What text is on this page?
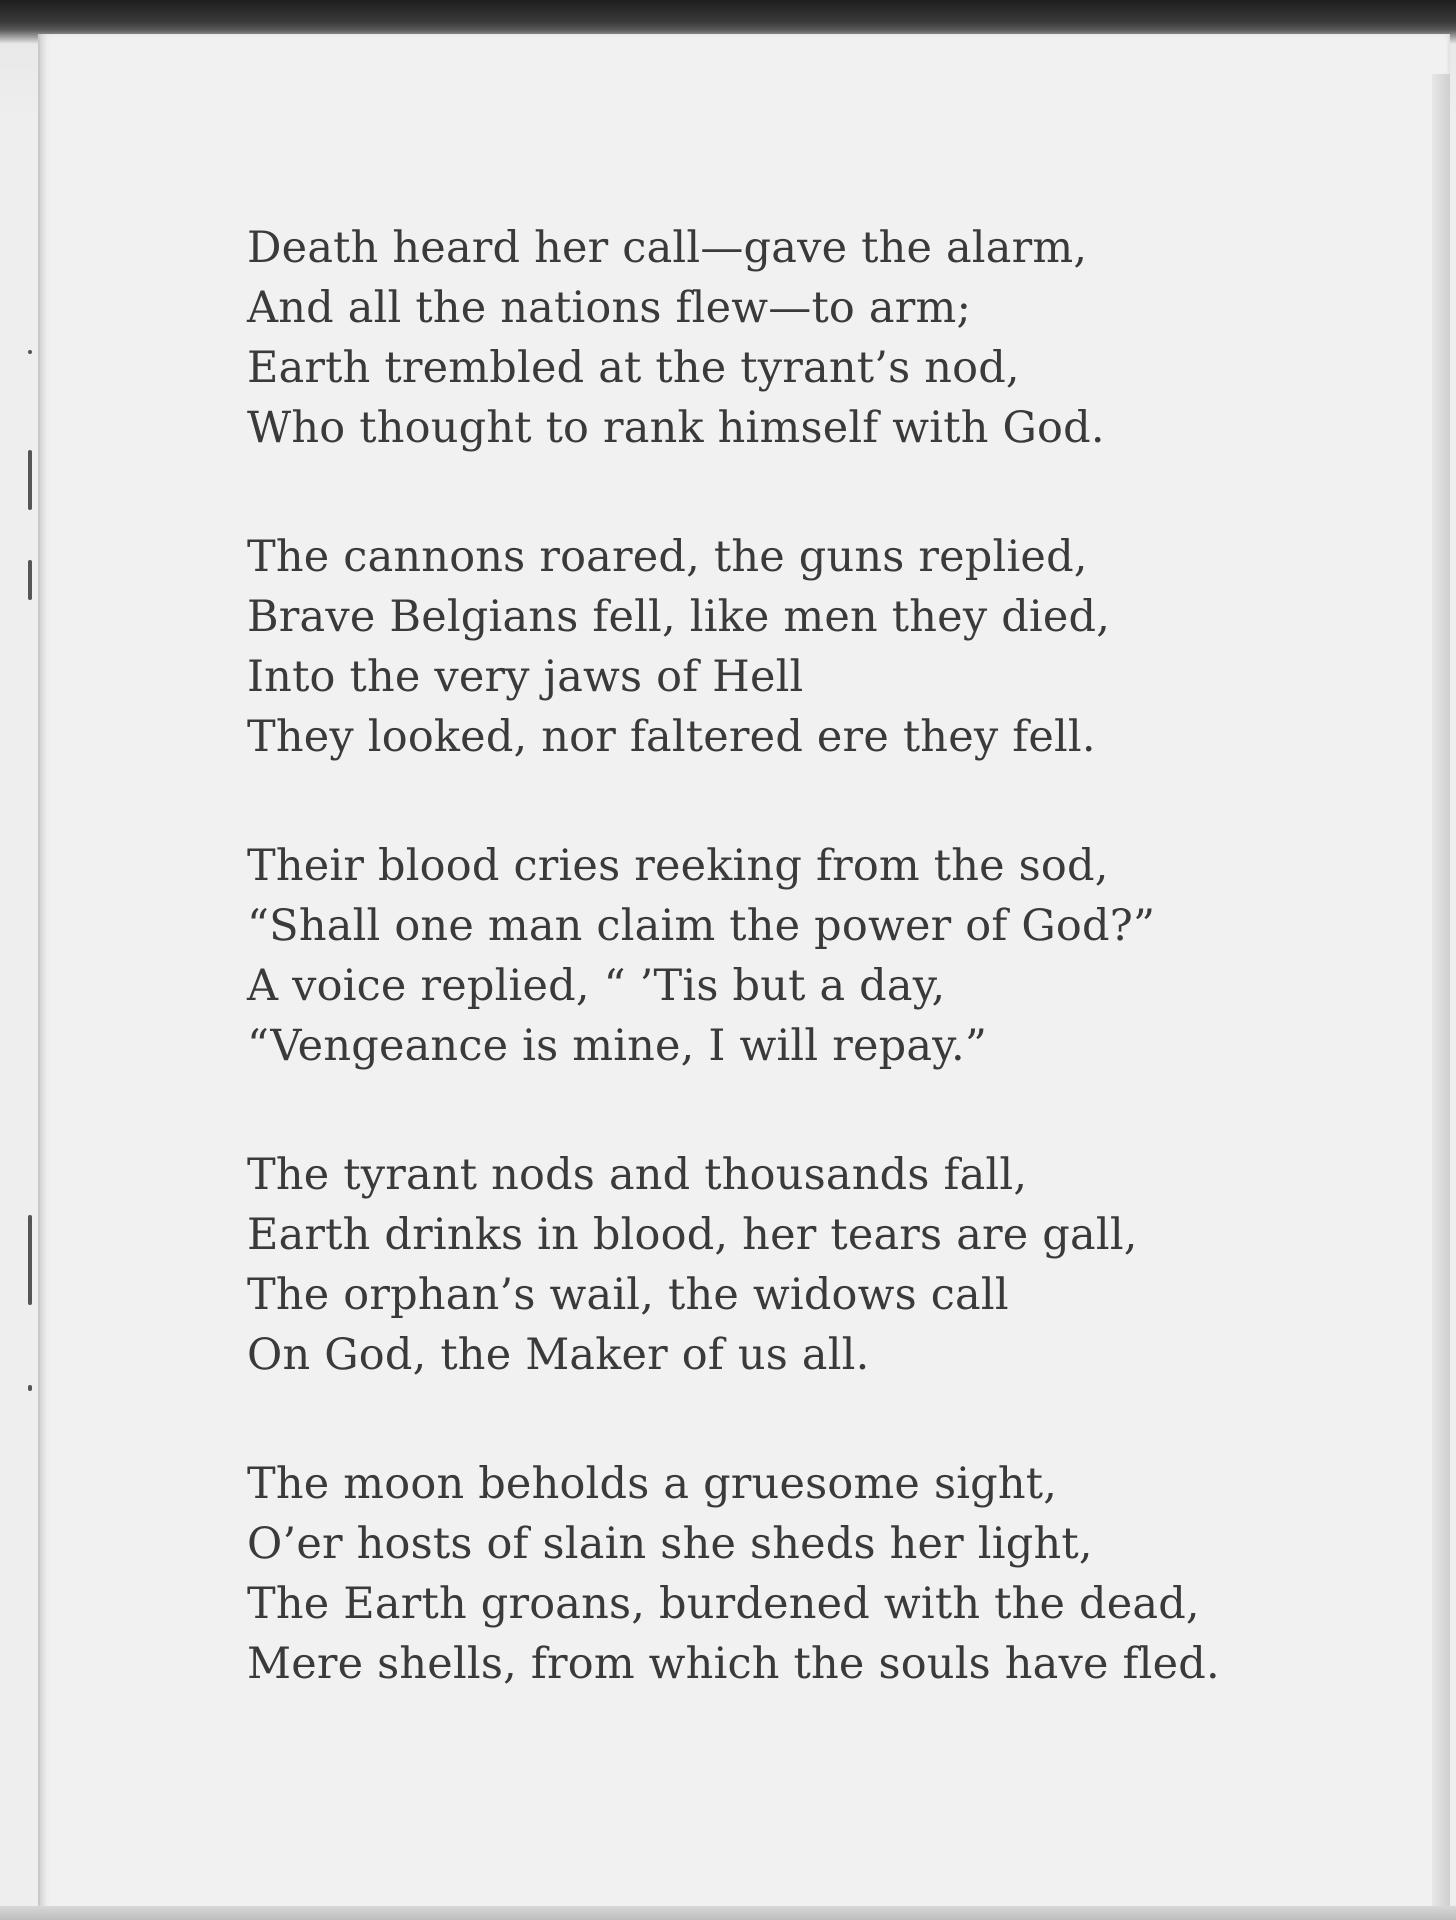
Death heard her call—gave the alarm,
And all the nations flew—to arm;
Earth trembled at the tyrant’s nod,
Who thought to rank himself with God.
The cannons roared, the guns replied,
Brave Belgians fell, like men they died,
Into the very jaws of Hell
They looked, nor faltered ere they fell.
Their blood cries reeking from the sod,
“Shall one man claim the power of God?”
A voice replied, “ ’Tis but a day,
“Vengeance is mine, I will repay.”
The tyrant nods and thousands fall,
Earth drinks in blood, her tears are gall,
The orphan’s wail, the widows call
On God, the Maker of us all.
The moon beholds a gruesome sight,
O’er hosts of slain she sheds her light,
The Earth groans, burdened with the dead,
Mere shells, from which the souls have fled.
